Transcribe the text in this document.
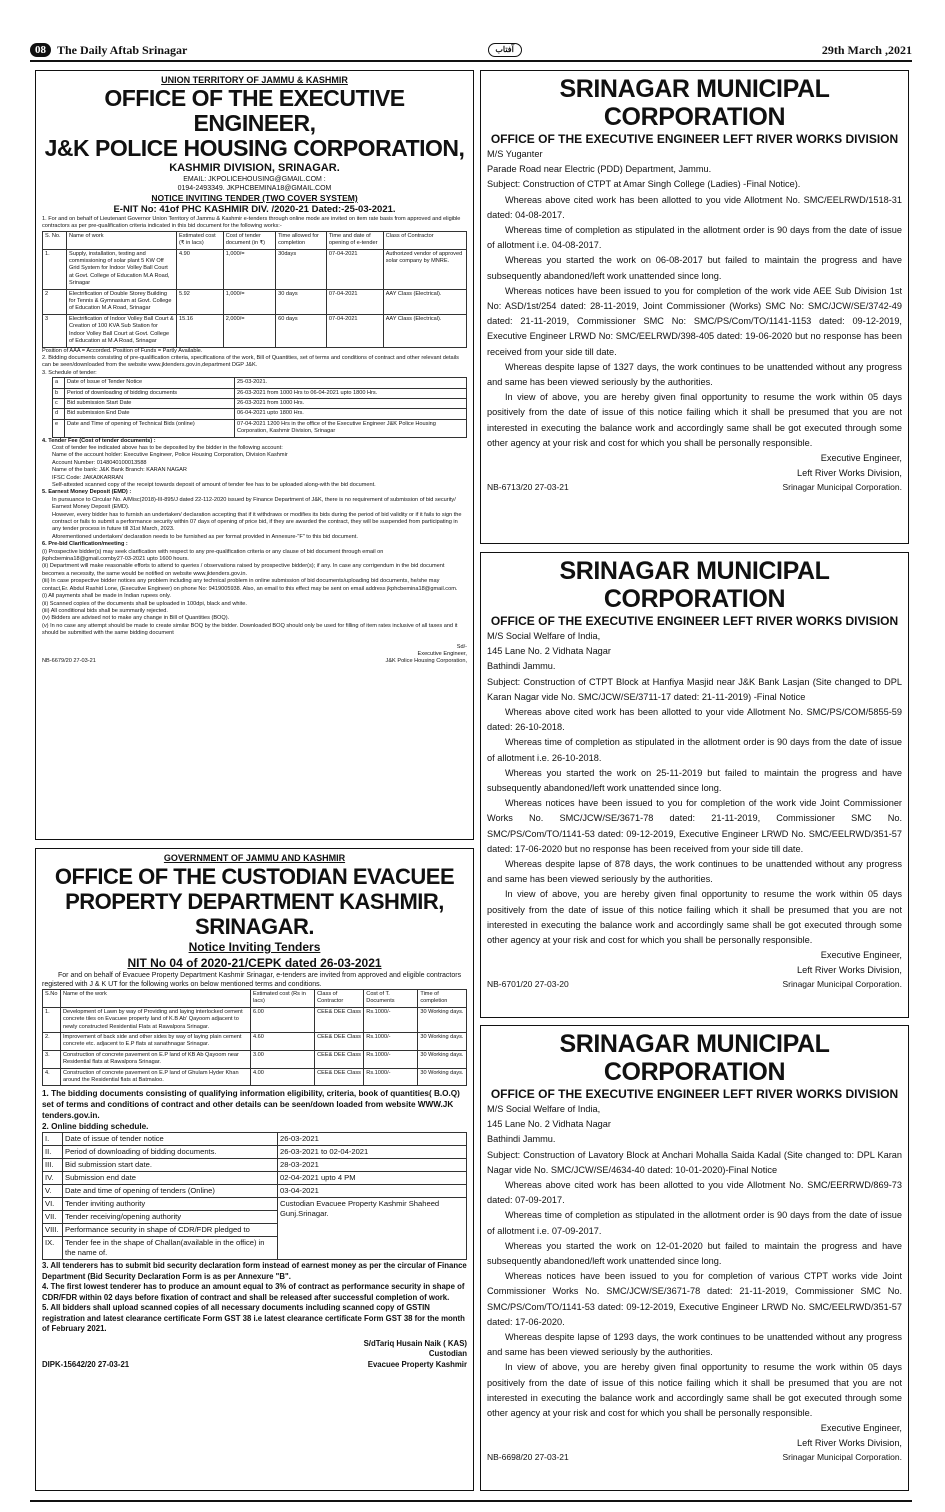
08 The Daily Aftab Srinagar	آفتاب	29th March ,2021
UNION TERRITORY OF JAMMU & KASHMIR
OFFICE OF THE EXECUTIVE ENGINEER,
J&K POLICE HOUSING CORPORATION,
KASHMIR DIVISION, SRINAGAR.
EMAIL: JKPOLICEHOUSING@GMAIL.COM :
0194-2493349. JKPHCBEMINA18@GMAIL.COM
NOTICE INVITING TENDER (TWO COVER SYSTEM)
E-NIT No: 41of PHC KASHMIR DIV. /2020-21 Dated:-25-03-2021.
1. For and on behalf of Lieutenant Governor Union Territory of Jammu & Kashmir e-tenders through online mode are invited on item rate basis from approved and eligible contractors as per pre-qualification criteria indicated in this bid document for the following works:-
S. No.	Name of work	Estimated cost (₹ in lacs)	Cost of tender document (in ₹)	Time allowed for completion	Time and date of opening of e-tender	Class of Contractor
1.	Supply, installation, testing and commissioning of solar plant 5 KW Off Grid System for Indoor Volley Ball Court at Govt. College of Education M.A Road, Srinagar	4.90	1,000/=	30days	07-04-2021	Authorized vendor of approved solar company by MNRE.
2	Electrification of Double Storey Building for Tennis & Gymnasium at Govt. College of Education M.A Road, Srinagar	5.92	1,000/=	30 days	07-04-2021	AAY Class (Electrical).
3	Electrification of Indoor Volley Ball Court & Creation of 100 KVA Sub Station for Indoor Volley Ball Court at Govt. College of Education at M.A Road, Srinagar	15.16	2,000/=	60 days	07-04-2021	AAY Class (Electrical).
Position of AAA = Accorded. Position of Funds = Partly Available.
2. Bidding documents consisting of pre-qualification criteria, specifications of the work, Bill of Quantities, set of terms and conditions of contract and other relevant details can be seen/downloaded from the website www.jktenders.gov.in,department DGP J&K.
3. Schedule of tender:
a	Date of Issue of Tender Notice	25-03-2021.
b	Period of downloading of bidding documents	26-03-2021 from 1000 Hrs to 06-04-2021 upto 1800 Hrs.
c	Bid submission Start Date	26-03-2021 from 1000 Hrs.
d	Bid submission End Date	06-04-2021 upto 1800 Hrs.
e	Date and Time of opening of Technical Bids (online)	07-04-2021 1200 Hrs in the office of the Executive Engineer J&K Police Housing Corporation, Kashmir Division, Srinagar
4. Tender Fee (Cost of tender documents) :
Cost of tender fee indicated above has to be deposited by the bidder in the following account:
Name of the account holder: Executive Engineer, Police Housing Corporation, Division Kashmir
Account Number: 0148040100013588
Name of the bank: J&K Bank Branch: KARAN NAGAR
IFSC Code: JAKA0KARRAN
Self-attested scanned copy of the receipt towards deposit of amount of tender fee has to be uploaded along-with the bid document.
5. Earnest Money Deposit (EMD) :
In pursuance to Circular No. A/Misc(2018)-III-895/J dated 22-112-2020 issued by Finance Department of J&K, there is no requirement of submission of bid security/ Earnest Money Deposit (EMD).
However, every bidder has to furnish an undertaken/ declaration accepting that if it withdraws or modifies its bids during the period of bid validity or if it fails to sign the contract or fails to submit a performance security within 07 days of opening of price bid, if they are awarded the contract, they will be suspended from participating in any tender process in future till 31st March, 2023.
Aforementioned undertaken/ declaration needs to be furnished as per format provided in Annexure-"F" to this bid document.
6. Pre-bid Clarification/meeting :
(i) Prospective bidder(s) may seek clarification with respect to any pre-qualification criteria or any clause of bid document through email on jkphcbemina18@gmail.comby27-03-2021 upto 1600 hours.
(ii) Department will make reasonable efforts to attend to queries / observations raised by prospective bidder(s); if any. In case any corrigendum in the bid document becomes a necessity, the same would be notified on website www.jktenders.gov.in.
(iii) In case prospective bidder notices any problem including any technical problem in online submission of bid documents/uploading bid documents, he/she may contact,Er. Abdul Rashid Lone, (Executive Engineer) on phone No: 9419005938. Also, an email to this effect may be sent on email address jkphcbemina18@gmail.com.
(i) All payments shall be made in Indian rupees only.
(ii) Scanned copies of the documents shall be uploaded in 100dpi, black and white.
(iii) All conditional bids shall be summarily rejected.
(iv) Bidders are advised not to make any change in Bill of Quantities (BOQ).
(v) In no case any attempt should be made to create similar BOQ by the bidder. Downloaded BOQ should only be used for filling of item rates inclusive of all taxes and it should be submitted with the same bidding document
Sd/-
Executive Engineer,
NB-6679/20 27-03-21	J&K Police Housing Corporation,
GOVERNMENT OF JAMMU AND KASHMIR
OFFICE OF THE CUSTODIAN EVACUEE
PROPERTY DEPARTMENT KASHMIR, SRINAGAR.
Notice Inviting Tenders
NIT No 04 of 2020-21/CEPK dated 26-03-2021
For and on behalf of Evacuee Property Department Kashmir Srinagar, e-tenders are invited from approved and eligible contractors registered with J & K UT for the following works on below mentioned terms and conditions.
S.No	Name of the work	Estimated cost (Rs in lacs)	Class of Contractor	Cost of T. Documents	Time of completion
1.	Development of Lawn by way of Providing and laying interlocked cement concrete tiles on Evacuee property land of K.B Ab' Qayoom adjacent to newly constructed Residential Flats at Rawalpora Srinagar.	6.00	CEE& DEE Class	Rs.1000/-	30 Working days.
2.	Improvement of back side and other sides by way of laying plain cement concrete etc. adjacent to E.P flats at sanathnagar Srinagar.	4.60	CEE& DEE Class	Rs.1000/-	30 Working days.
3.	Construction of concrete pavement on E.P land of KB Ab Qayoom near Residential flats at Rawalpora Srinagar.	3.00	CEE& DEE Class	Rs.1000/-	30 Working days.
4.	Construction of concrete pavement on E.P land of Ghulam Hyder Khan around the Residential flats at Batmaloo.	4.00	CEE& DEE Class	Rs.1000/-	30 Working days.
1. The bidding documents consisting of qualifying information eligibility, criteria, book of quantities( B.O.Q) set of terms and conditions of contract and other details can be seen/down loaded from website WWW.JK tenders.gov.in.
2. Online bidding schedule.
I.	Date of issue of tender notice	26-03-2021
II.	Period of downloading of bidding documents.	26-03-2021 to 02-04-2021
III.	Bid submission start date.	28-03-2021
IV.	Submission end date	02-04-2021 upto 4 PM
V.	Date and time of opening of tenders (Online)	03-04-2021
VI.	Tender inviting authority	Custodian Evacuee Property Kashmir Shaheed Gunj.Srinagar.
VII.	Tender receiving/opening authority	
VIII.	Performance security in shape of CDR/FDR pledged to	
IX.	Tender fee in the shape of Challan(available in the office) in the name of.	
3. All tenderers has to submit bid security declaration form instead of earnest money as per the circular of Finance Department (Bid Security Declaration Form is as per Annexure "B".
4. The first lowest tenderer has to produce an amount equal to 3% of contract as performance security in shape of CDR/FDR within 02 days before fixation of contract and shall be released after successful completion of work.
5. All bidders shall upload scanned copies of all necessary documents including scanned copy of GSTIN registration and latest clearance certificate Form GST 38 i.e latest clearance certificate Form GST 38 for the month of February 2021.
S/dTariq Husain Naik ( KAS)
Custodian
DIPK-15642/20 27-03-21	Evacuee Property Kashmir
SRINAGAR MUNICIPAL CORPORATION
OFFICE OF THE EXECUTIVE ENGINEER LEFT RIVER WORKS DIVISION

M/S Yuganter

Parade Road near Electric (PDD) Department, Jammu.

Subject: Construction of CTPT at Amar Singh College (Ladies) -Final Notice).

Whereas above cited work has been allotted to you vide Allotment No. SMC/EELRWD/1518-31 dated: 04-08-2017.

Whereas time of completion as stipulated in the allotment order is 90 days from the date of issue of allotment i.e. 04-08-2017.

Whereas you started the work on 06-08-2017 but failed to maintain the progress and have subsequently abandoned/left work unattended since long.

Whereas notices have been issued to you for completion of the work vide AEE Sub Division 1st No: ASD/1st/254 dated: 28-11-2019, Joint Commissioner (Works) SMC No: SMC/JCW/SE/3742-49 dated: 21-11-2019, Commissioner SMC No: SMC/PS/Com/TO/1141-1153 dated: 09-12-2019, Executive Engineer LRWD No: SMC/EELRWD/398-405 dated: 19-06-2020 but no response has been received from your side till date.

Whereas despite lapse of 1327 days, the work continues to be unattended without any progress and same has been viewed seriously by the authorities.

In view of above, you are hereby given final opportunity to resume the work within 05 days positively from the date of issue of this notice failing which it shall be presumed that you are not interested in executing the balance work and accordingly same shall be got executed through some other agency at your risk and cost for which you shall be personally responsible.

Executive Engineer,
Left River Works Division,
NB-6713/20 27-03-21	Srinagar Municipal Corporation.
SRINAGAR MUNICIPAL CORPORATION
OFFICE OF THE EXECUTIVE ENGINEER LEFT RIVER WORKS DIVISION

M/S Social Welfare of India,

145 Lane No. 2 Vidhata Nagar

Bathindi Jammu.

Subject: Construction of CTPT Block at Hanfiya Masjid near J&K Bank Lasjan (Site changed to DPL Karan Nagar vide No. SMC/JCW/SE/3711-17 dated: 21-11-2019) -Final Notice

Whereas above cited work has been allotted to your vide Allotment No. SMC/PS/COM/5855-59 dated: 26-10-2018.

Whereas time of completion as stipulated in the allotment order is 90 days from the date of issue of allotment i.e. 26-10-2018.

Whereas you started the work on 25-11-2019 but failed to maintain the progress and have subsequently abandoned/left work unattended since long.

Whereas notices have been issued to you for completion of the work vide Joint Commissioner Works No. SMC/JCW/SE/3671-78 dated: 21-11-2019, Commissioner SMC No. SMC/PS/Com/TO/1141-53 dated: 09-12-2019, Executive Engineer LRWD No. SMC/EELRWD/351-57 dated: 17-06-2020 but no response has been received from your side till date.

Whereas despite lapse of 878 days, the work continues to be unattended without any progress and same has been viewed seriously by the authorities.

In view of above, you are hereby given final opportunity to resume the work within 05 days positively from the date of issue of this notice failing which it shall be presumed that you are not interested in executing the balance work and accordingly same shall be got executed through some other agency at your risk and cost for which you shall be personally responsible.

Executive Engineer,
Left River Works Division,
NB-6701/20 27-03-20	Srinagar Municipal Corporation.
SRINAGAR MUNICIPAL CORPORATION
OFFICE OF THE EXECUTIVE ENGINEER LEFT RIVER WORKS DIVISION

M/S Social Welfare of India,

145 Lane No. 2 Vidhata Nagar

Bathindi Jammu.

Subject: Construction of Lavatory Block at Anchari Mohalla Saida Kadal (Site changed to: DPL Karan Nagar vide No. SMC/JCW/SE/4634-40 dated: 10-01-2020)-Final Notice

Whereas above cited work has been allotted to you vide Allotment No. SMC/EERRWD/869-73 dated: 07-09-2017.

Whereas time of completion as stipulated in the allotment order is 90 days from the date of issue of allotment i.e. 07-09-2017.

Whereas you started the work on 12-01-2020 but failed to maintain the progress and have subsequently abandoned/left work unattended since long.

Whereas notices have been issued to you for completion of various CTPT works vide Joint Commissioner Works No. SMC/JCW/SE/3671-78 dated: 21-11-2019, Commissioner SMC No. SMC/PS/Com/TO/1141-53 dated: 09-12-2019, Executive Engineer LRWD No. SMC/EELRWD/351-57 dated: 17-06-2020.

Whereas despite lapse of 1293 days, the work continues to be unattended without any progress and same has been viewed seriously by the authorities.

In view of above, you are hereby given final opportunity to resume the work within 05 days positively from the date of issue of this notice failing which it shall be presumed that you are not interested in executing the balance work and accordingly same shall be got executed through some other agency at your risk and cost for which you shall be personally responsible.

Executive Engineer,
Left River Works Division,
NB-6698/20 27-03-21	Srinagar Municipal Corporation.
